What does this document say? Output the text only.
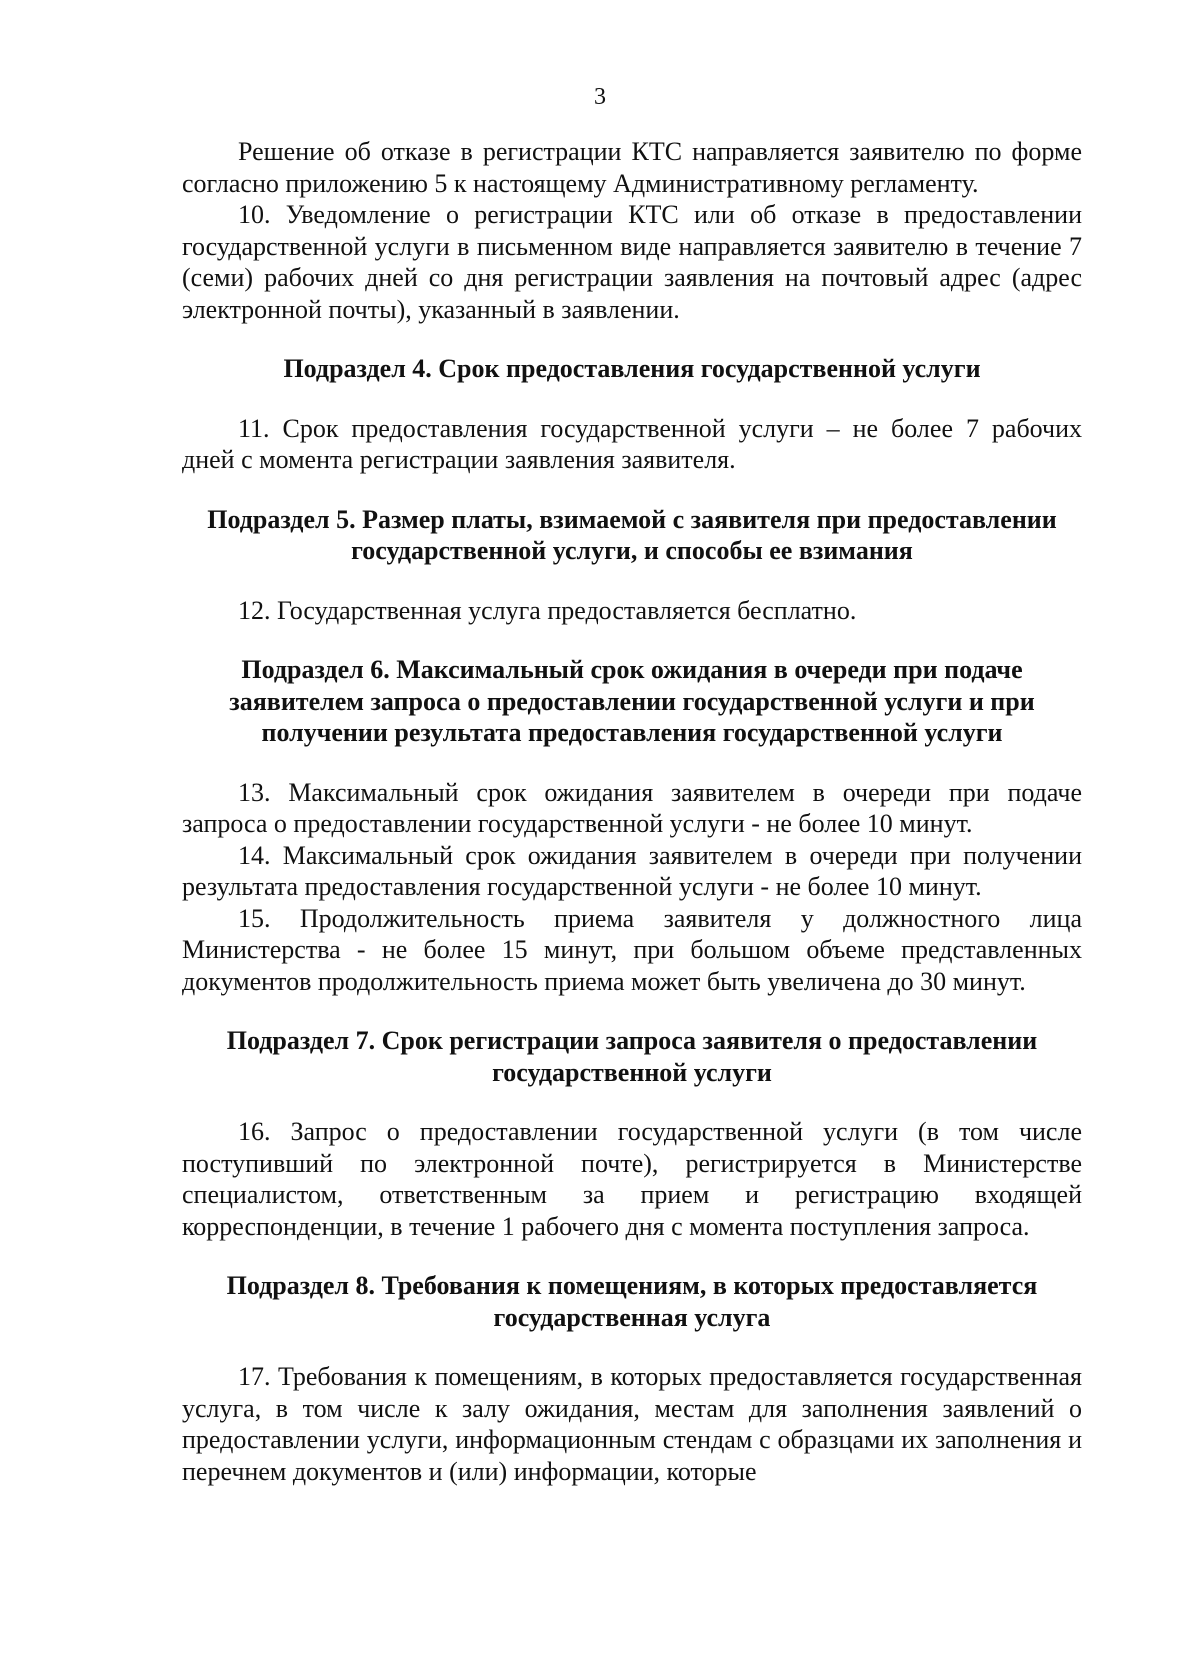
3

Решение об отказе в регистрации КТС направляется заявителю по форме согласно приложению 5 к настоящему Административному регламенту.

10. Уведомление о регистрации КТС или об отказе в предоставлении государственной услуги в письменном виде направляется заявителю в течение 7 (семи) рабочих дней со дня регистрации заявления на почтовый адрес (адрес электронной почты), указанный в заявлении.

Подраздел 4. Срок предоставления государственной услуги

11. Срок предоставления государственной услуги – не более 7 рабочих дней с момента регистрации заявления заявителя.

Подраздел 5. Размер платы, взимаемой с заявителя при предоставлении
государственной услуги, и способы ее взимания

12. Государственная услуга предоставляется бесплатно.

Подраздел 6. Максимальный срок ожидания в очереди при подаче
заявителем запроса о предоставлении государственной услуги и при
получении результата предоставления государственной услуги

13. Максимальный срок ожидания заявителем в очереди при подаче запроса о предоставлении государственной услуги - не более 10 минут.

14. Максимальный срок ожидания заявителем в очереди при получении результата предоставления государственной услуги - не более 10 минут.

15. Продолжительность приема заявителя у должностного лица Министерства - не более 15 минут, при большом объеме представленных документов продолжительность приема может быть увеличена до 30 минут.

Подраздел 7. Срок регистрации запроса заявителя о предоставлении
государственной услуги

16. Запрос о предоставлении государственной услуги (в том числе поступивший по электронной почте), регистрируется в Министерстве специалистом, ответственным за прием и регистрацию входящей корреспонденции, в течение 1 рабочего дня с момента поступления запроса.

Подраздел 8. Требования к помещениям, в которых предоставляется
государственная услуга

17. Требования к помещениям, в которых предоставляется государственная услуга, в том числе к залу ожидания, местам для заполнения заявлений о предоставлении услуги, информационным стендам с образцами их заполнения и перечнем документов и (или) информации, которые
